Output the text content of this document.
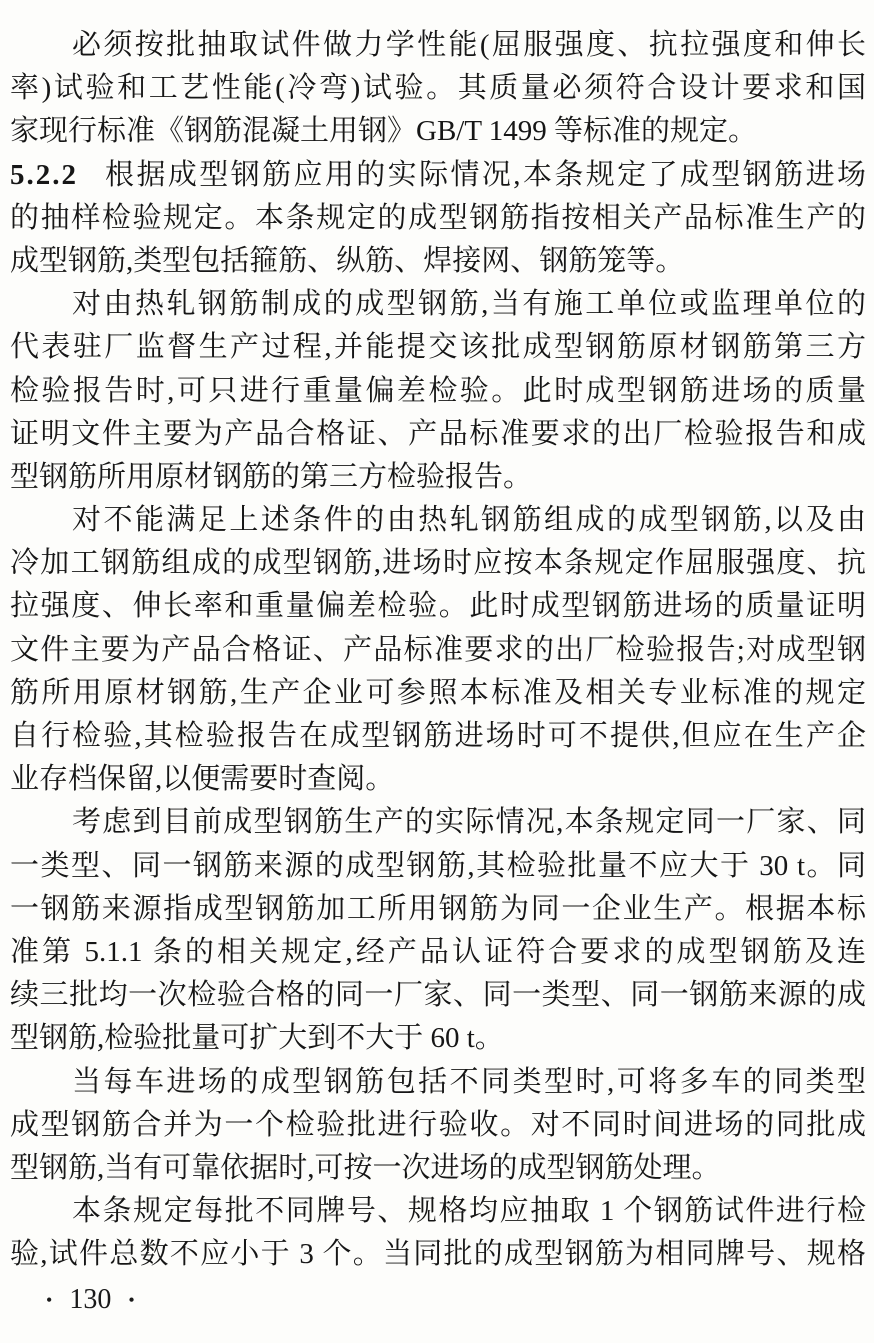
必须按批抽取试件做力学性能(屈服强度、抗拉强度和伸长

率)试验和工艺性能(冷弯)试验。其质量必须符合设计要求和国

家现行标准《钢筋混凝土用钢》GB/T 1499 等标准的规定。

5.2.2 根据成型钢筋应用的实际情况,本条规定了成型钢筋进场

的抽样检验规定。本条规定的成型钢筋指按相关产品标准生产的

成型钢筋,类型包括箍筋、纵筋、焊接网、钢筋笼等。

对由热轧钢筋制成的成型钢筋,当有施工单位或监理单位的

代表驻厂监督生产过程,并能提交该批成型钢筋原材钢筋第三方

检验报告时,可只进行重量偏差检验。此时成型钢筋进场的质量

证明文件主要为产品合格证、产品标准要求的出厂检验报告和成

型钢筋所用原材钢筋的第三方检验报告。

对不能满足上述条件的由热轧钢筋组成的成型钢筋,以及由

冷加工钢筋组成的成型钢筋,进场时应按本条规定作屈服强度、抗

拉强度、伸长率和重量偏差检验。此时成型钢筋进场的质量证明

文件主要为产品合格证、产品标准要求的出厂检验报告;对成型钢

筋所用原材钢筋,生产企业可参照本标准及相关专业标准的规定

自行检验,其检验报告在成型钢筋进场时可不提供,但应在生产企

业存档保留,以便需要时查阅。

考虑到目前成型钢筋生产的实际情况,本条规定同一厂家、同

一类型、同一钢筋来源的成型钢筋,其检验批量不应大于 30 t。同

一钢筋来源指成型钢筋加工所用钢筋为同一企业生产。根据本标

准第 5.1.1 条的相关规定,经产品认证符合要求的成型钢筋及连

续三批均一次检验合格的同一厂家、同一类型、同一钢筋来源的成

型钢筋,检验批量可扩大到不大于 60 t。

当每车进场的成型钢筋包括不同类型时,可将多车的同类型

成型钢筋合并为一个检验批进行验收。对不同时间进场的同批成

型钢筋,当有可靠依据时,可按一次进场的成型钢筋处理。

本条规定每批不同牌号、规格均应抽取 1 个钢筋试件进行检

验,试件总数不应小于 3 个。当同批的成型钢筋为相同牌号、规格

• 130 •
